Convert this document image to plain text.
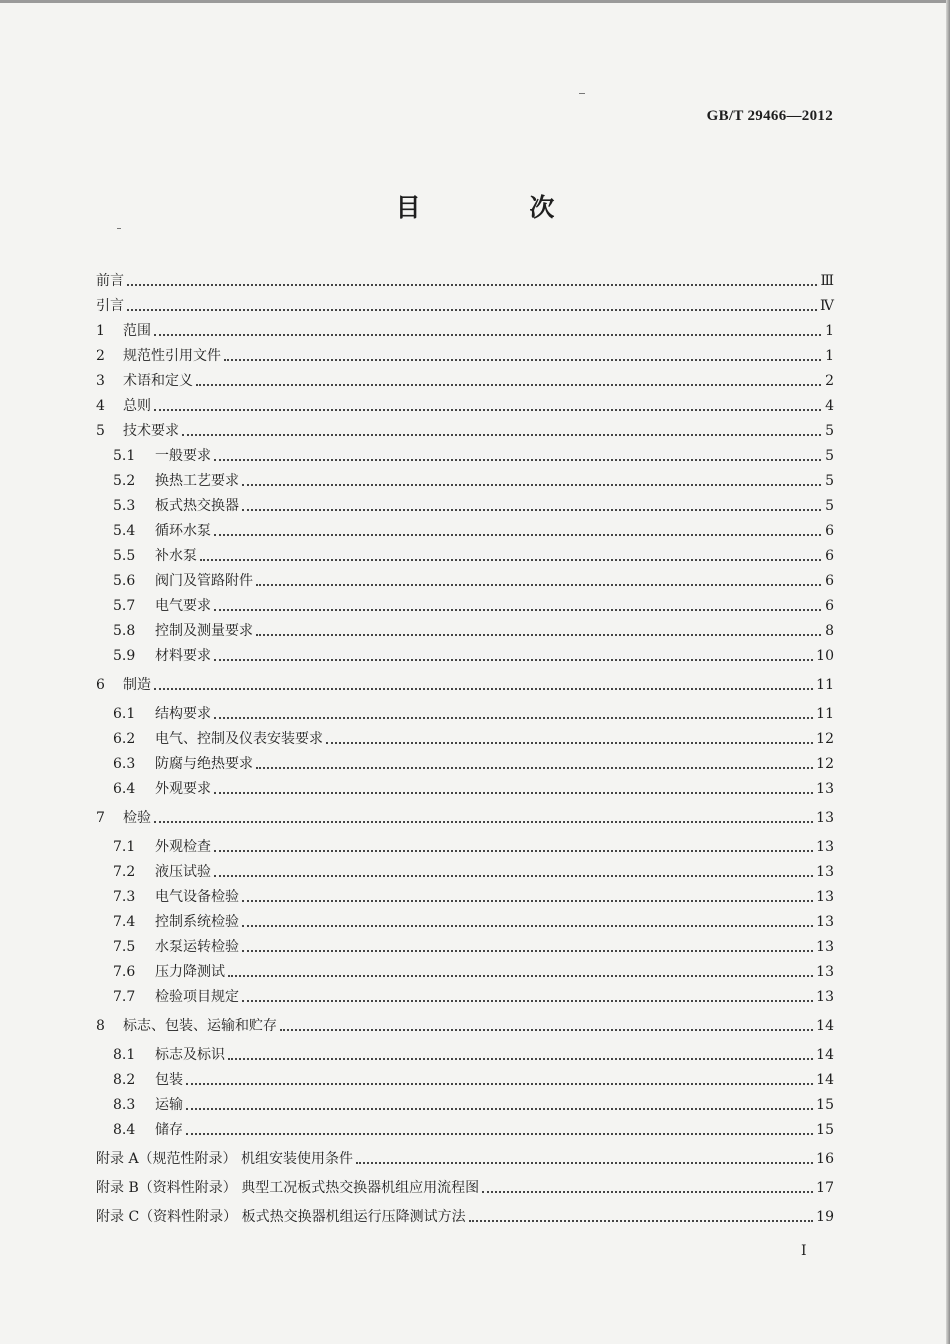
GB/T 29466—2012
目 次
前言	Ⅲ
引言	Ⅳ
1	范围	1
2	规范性引用文件	1
3	术语和定义	2
4	总则	4
5	技术要求	5
5.1	一般要求	5
5.2	换热工艺要求	5
5.3	板式热交换器	5
5.4	循环水泵	6
5.5	补水泵	6
5.6	阀门及管路附件	6
5.7	电气要求	6
5.8	控制及测量要求	8
5.9	材料要求	10
6	制造	11
6.1	结构要求	11
6.2	电气、控制及仪表安装要求	12
6.3	防腐与绝热要求	12
6.4	外观要求	13
7	检验	13
7.1	外观检查	13
7.2	液压试验	13
7.3	电气设备检验	13
7.4	控制系统检验	13
7.5	水泵运转检验	13
7.6	压力降测试	13
7.7	检验项目规定	13
8	标志、包装、运输和贮存	14
8.1	标志及标识	14
8.2	包装	14
8.3	运输	15
8.4	储存	15
附录 A（规范性附录） 机组安装使用条件	16
附录 B（资料性附录） 典型工况板式热交换器机组应用流程图	17
附录 C（资料性附录） 板式热交换器机组运行压降测试方法	19
I
